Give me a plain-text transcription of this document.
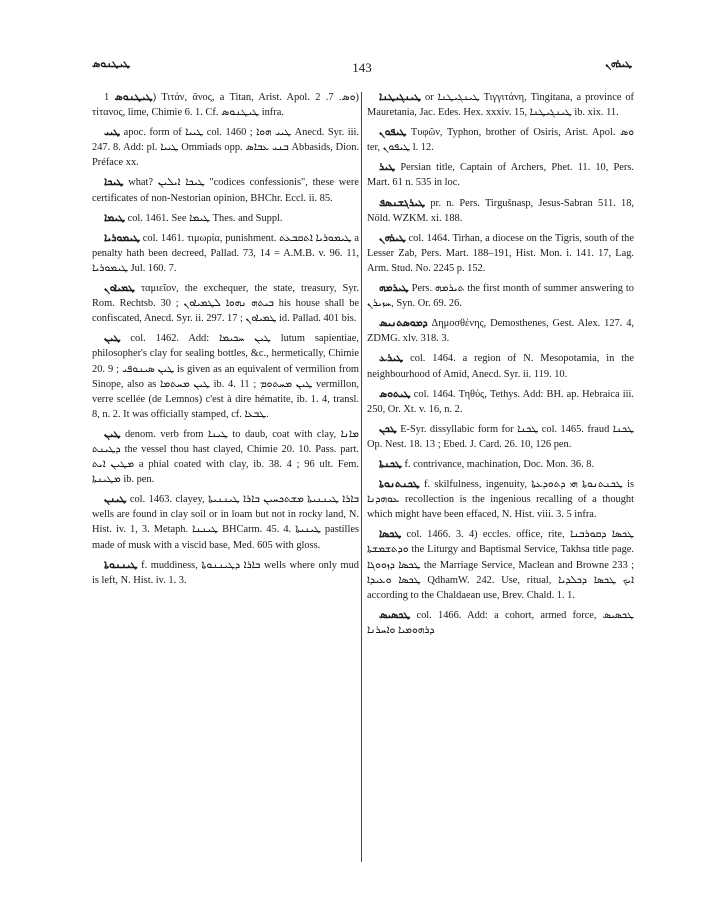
ܛܝܛܢܘܣ	143	ܛܝܪܗܢ

ܛܝܛܢܘܣ 1) Τιτάν, ᾶνος, a Titan, Arist. Apol. ܘܣ. 7. 2) τίτανος, lime, Chimie 6. 1. Cf. ܛܝܛܢܘܣ infra.

ܛܝܝ apoc. form of ܛܝܝܐ col. 1460 ; ܛܝܝ ܗܘܐ Anecd. Syr. iii. 247. 8. Add: pl. ܛܝܝܐ Ommiads opp. ܒܢܝ ܥܒܐܣ Abbasids, Dion. Préface xx.

ܛܝܟܐ what? ܛܝܟܐ ܐܝܠܝܢ "codices confessionis", these were certificates of non-Nestorian opinion, BHChr. Eccl. ii. 85.

ܛܝܡܐ col. 1461. See ܛܝܡܐ Thes. and Suppl.

ܛܝܡܘܪܝܐ col. 1461. τιμωρία, punishment. ܛܝܡܘܪܝܐ ܐܬܩܒܥܬ a penalty hath been decreed, Pallad. 73, 14 = A.M.B. v. 96. 11, ܛܝܡܘܪܝܐ Jul. 160. 7.

ܛܡܝܐܘܢ ταμιεῖον, the exchequer, the state, treasury, Syr. Rom. Rechtsb. 30 ; ܒܝܬܗ ܢܗܘܐ ܠܛܡܝܐܘܢ his house shall be confiscated, Anecd. Syr. ii. 297. 17 ; ܛܡܝܐܘܢ id. Pallad. 401 bis.

ܛܝܢ col. 1462. Add: ܛܝܢ ܚܟܝܡܐ lutum sapientiae, philosopher's clay for sealing bottles, &c., hermetically, Chimie 20. 9 ; ܛܝܢ ܣܝܢܘܦܝ is given as an equivalent of vermilion from Sinope, also as ܛܝܢ ܡܚܬܡܐ ib. 4. 11 ; ܛܝܢ ܡܚܬܘܡ vermillon, verre scellée (de Lemnos) c'est à dire hématite, ib. 1. 4, transl. 8, n. 2. It was officially stamped, cf. ܛܒܥܐ.

ܛܝܢ denom. verb from ܛܝܢܐ to daub, coat with clay, ܡܐܢܐ ܕܛܝܢܬ the vessel thou hast clayed, Chimie 20. 10. Pass. part. ܡܛܝܢ ܐܝܬ a phial coated with clay, ib. 38. 4 ; 96 ult. Fem. ܡܛܝܢܬܐ ib. pen.

ܛܝܢܢ col. 1463. clayey, ܒܐܪܐ ܛܝܢܢܝܬܐ ܡܫܬܟܚܝܢ ܒܐܪܐ ܛܝܢܢܝܬܐ wells are found in clay soil or in loam but not in rocky land, N. Hist. iv. 1, 3. Metaph. ܛܝܢܢܐ BHCarm. 45. 4. ܛܝܢܝܬܐ pastilles made of musk with a viscid base, Med. 605 with gloss.

ܛܝܢܢܘܬܐ f. muddiness, ܒܐܪܐ ܕܛܝܢܢܘܬܐ wells where only mud is left, N. Hist. iv. 1. 3.

ܛܝܢܓܝܛܢܐ or ܛܝܢܓܝܛܢܐ Τιγγιτάνη, Tingitana, a province of Mauretania, Jac. Edes. Hex. xxxiv. 15, ܛܝܢܓܝܛܢܐ ib. xix. 11.

ܛܝܦܘܢ Τυφῶν, Typhon, brother of Osiris, Arist. Apol. ܘܣ ter, ܛܝܦܘܢ l. 12.

ܛܝܪ Persian title, Captain of Archers, Phet. 11. 10, Pers. Mart. 61 n. 535 in loc.

ܛܝܪܓܫܢܣܦ pr. n. Pers. Tirgušnasp, Jesus-Sabran 511. 18, Nöld. WZKM. xi. 188.

ܛܝܪܗܢ col. 1464. Tirhan, a diocese on the Tigris, south of the Lesser Zab, Pers. Mart. 188–191, Hist. Mon. i. 141. 17, Lag. Arm. Stud. No. 2245 p. 152.

ܛܝܪܡܗ Pers. ܬܝܪܡܗ the first month of summer answering to ܚܙܝܪܢ, Syn. Or. 69. 26.

ܕܡܘܣܬܢܝܣ Δημοσθένης, Demosthenes, Gest. Alex. 127. 4, ZDMG. xlv. 318. 3.

ܛܝܪܥ col. 1464. a region of N. Mesopotamia, in the neighbourhood of Amid, Anecd. Syr. ii. 119. 10.

ܛܝܬܘܣ col. 1464. Τηθύς, Tethys. Add: BH. ap. Hebraica iii. 250, Or. Xt. v. 16, n. 2.

ܛܟܢ E-Syr. dissyllabic form for ܛܟܢܐ col. 1465. fraud ܛܟܢܐ Op. Nest. 18. 13 ; Ebed. J. Card. 26. 10, 126 pen.

ܛܟܢܬܐ f. contrivance, machination, Doc. Mon. 36. 8.

ܛܟܢܬܢܘܬܐ f. skilfulness, ingenuity, ܛܟܢܬܢܘܬܐ ܗܝ ܕܬܘܕܥܬܐ is ܥܘܗܕܢܐ recollection is the ingenious recalling of a thought which might have been effaced, N. Hist. viii. 3. 5 infra.

ܛܟܣܐ col. 1466. 3. 4) eccles. office, rite, ܛܟܣܐ ܕܩܘܪܒܢܐ ܘܕܬܫܡܫܬܐ the Liturgy and Baptismal Service, Takhsa title page. ܛܟܣܐ ܕܙܘܘܓܐ the Marriage Service, Maclean and Browne 233 ; ܛܟܣܐ ܘܥܝܕܐ QdhamW. 242. Use, ritual, ܐܝܟ ܛܟܣܐ ܕܟܠܕܝܐ according to the Chaldaean use, Brev. Chald. 1. 1.

ܛܟܣܝܣ col. 1466. Add: a cohort, armed force, ܛܟܣܝܣ ܕܪܗܘܡܝܐ ܘܐܚܪܢܐ
